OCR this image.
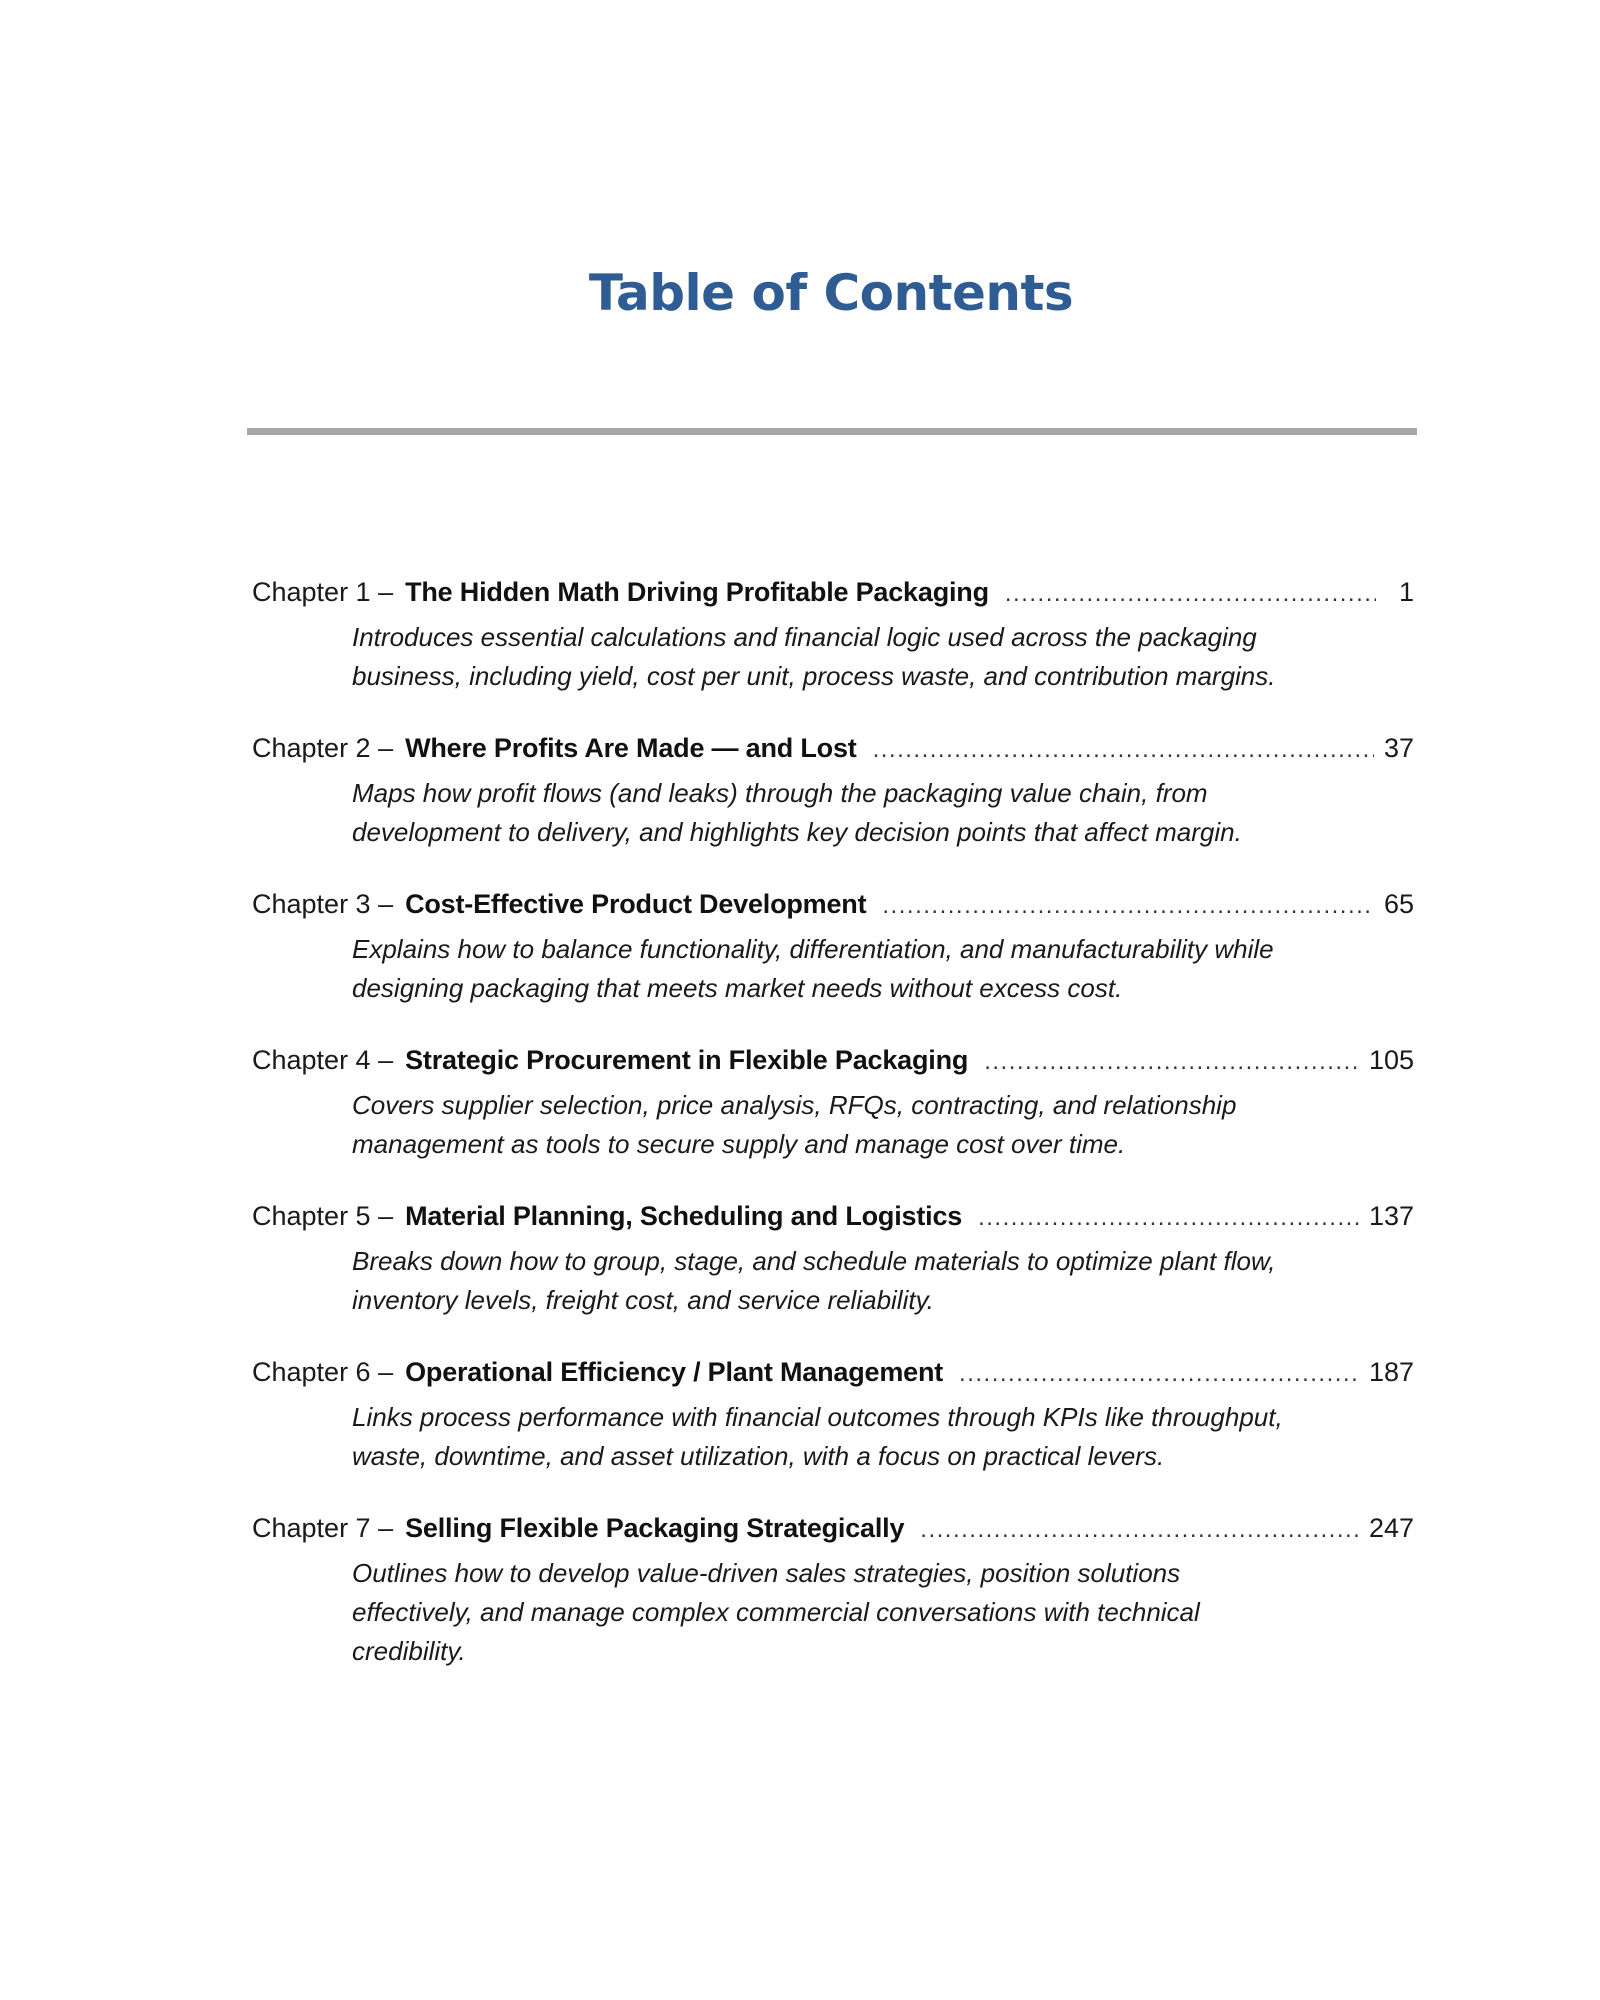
Table of Contents
Chapter 1 – The Hidden Math Driving Profitable Packaging .....	1

Introduces essential calculations and financial logic used across the packaging business, including yield, cost per unit, process waste, and contribution margins.

Chapter 2 – Where Profits Are Made — and Lost .....	37

Maps how profit flows (and leaks) through the packaging value chain, from development to delivery, and highlights key decision points that affect margin.

Chapter 3 – Cost-Effective Product Development .....	65

Explains how to balance functionality, differentiation, and manufacturability while designing packaging that meets market needs without excess cost.

Chapter 4 – Strategic Procurement in Flexible Packaging .....	105

Covers supplier selection, price analysis, RFQs, contracting, and relationship management as tools to secure supply and manage cost over time.

Chapter 5 – Material Planning, Scheduling and Logistics .....	137

Breaks down how to group, stage, and schedule materials to optimize plant flow, inventory levels, freight cost, and service reliability.

Chapter 6 – Operational Efficiency / Plant Management .....	187

Links process performance with financial outcomes through KPIs like throughput, waste, downtime, and asset utilization, with a focus on practical levers.

Chapter 7 – Selling Flexible Packaging Strategically .....	247

Outlines how to develop value-driven sales strategies, position solutions effectively, and manage complex commercial conversations with technical credibility.
